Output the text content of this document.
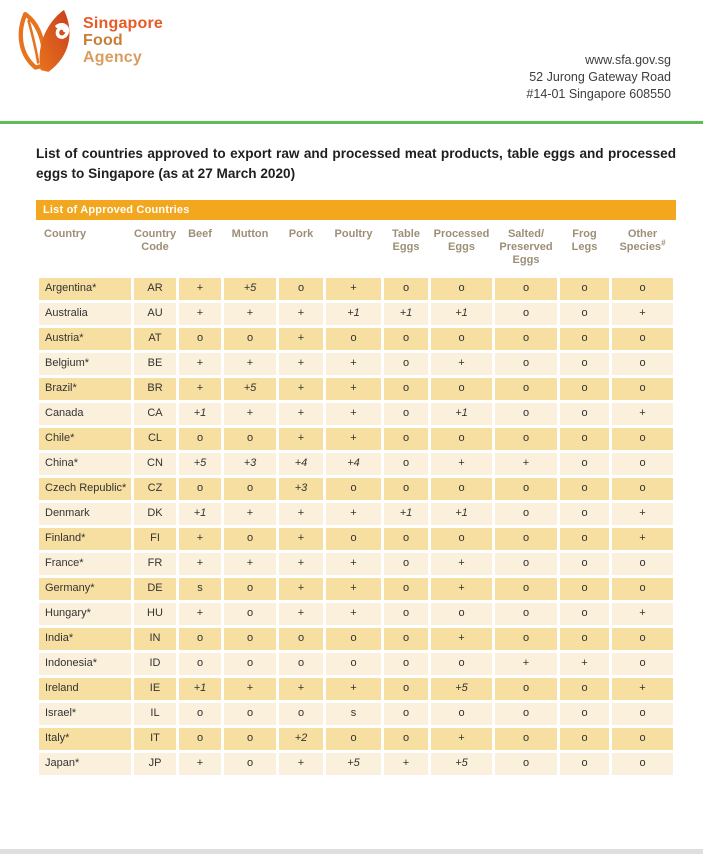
Singapore
Food
Agency	www.sfa.gov.sg
52 Jurong Gateway Road
#14-01 Singapore 608550

List of countries approved to export raw and processed meat products, table eggs and processed eggs to Singapore (as at 27 March 2020)

List of Approved Countries
Country	Country Code	Beef	Mutton	Pork	Poultry	Table Eggs	Processed Eggs	Salted/ Preserved Eggs	Frog Legs	Other Species#
Argentina*	AR	+	+5	o	+	o	o	o	o	o
Australia	AU	+	+	+	+1	+1	+1	o	o	+
Austria*	AT	o	o	+	o	o	o	o	o	o
Belgium*	BE	+	+	+	+	o	+	o	o	o
Brazil*	BR	+	+5	+	+	o	o	o	o	o
Canada	CA	+1	+	+	+	o	+1	o	o	+
Chile*	CL	o	o	+	+	o	o	o	o	o
China*	CN	+5	+3	+4	+4	o	+	+	o	o
Czech Republic*	CZ	o	o	+3	o	o	o	o	o	o
Denmark	DK	+1	+	+	+	+1	+1	o	o	+
Finland*	FI	+	o	+	o	o	o	o	o	+
France*	FR	+	+	+	+	o	+	o	o	o
Germany*	DE	s	o	+	+	o	+	o	o	o
Hungary*	HU	+	o	+	+	o	o	o	o	+
India*	IN	o	o	o	o	o	+	o	o	o
Indonesia*	ID	o	o	o	o	o	o	+	+	o
Ireland	IE	+1	+	+	+	o	+5	o	o	+
Israel*	IL	o	o	o	s	o	o	o	o	o
Italy*	IT	o	o	+2	o	o	+	o	o	o
Japan*	JP	+	o	+	+5	+	+5	o	o	o
